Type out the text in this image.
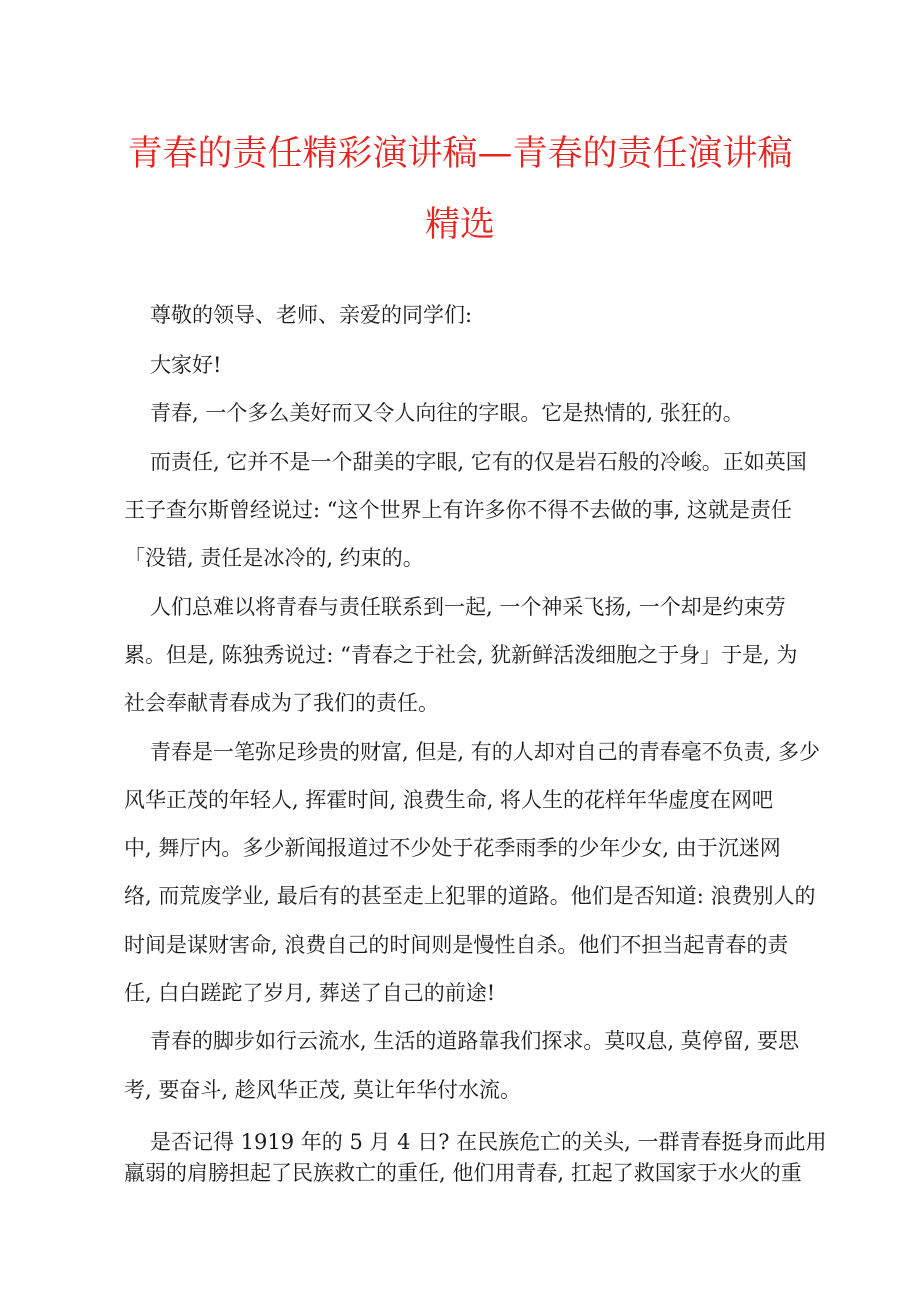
青春的责任精彩演讲稿—青春的责任演讲稿
精选

尊敬的领导、老师、亲爱的同学们:

大家好!

青春, 一个多么美好而又令人向往的字眼。它是热情的, 张狂的。

而责任, 它并不是一个甜美的字眼, 它有的仅是岩石般的冷峻。正如英国

王子查尔斯曾经说过: “这个世界上有许多你不得不去做的事, 这就是责任

「没错, 责任是冰冷的, 约束的。

人们总难以将青春与责任联系到一起, 一个神采飞扬, 一个却是约束劳

累。但是, 陈独秀说过: “青春之于社会, 犹新鲜活泼细胞之于身」于是, 为

社会奉献青春成为了我们的责任。

青春是一笔弥足珍贵的财富, 但是, 有的人却对自己的青春毫不负责, 多少

风华正茂的年轻人, 挥霍时间, 浪费生命, 将人生的花样年华虚度在网吧

中, 舞厅内。多少新闻报道过不少处于花季雨季的少年少女, 由于沉迷网

络, 而荒废学业, 最后有的甚至走上犯罪的道路。他们是否知道: 浪费别人的

时间是谋财害命, 浪费自己的时间则是慢性自杀。他们不担当起青春的责

任, 白白蹉跎了岁月, 葬送了自己的前途!

青春的脚步如行云流水, 生活的道路靠我们探求。莫叹息, 莫停留, 要思

考, 要奋斗, 趁风华正茂, 莫让年华付水流。

是否记得 1919 年的 5 月 4 日? 在民族危亡的关头, 一群青春挺身而此用

羸弱的肩膀担起了民族救亡的重任, 他们用青春, 扛起了救国家于水火的重
